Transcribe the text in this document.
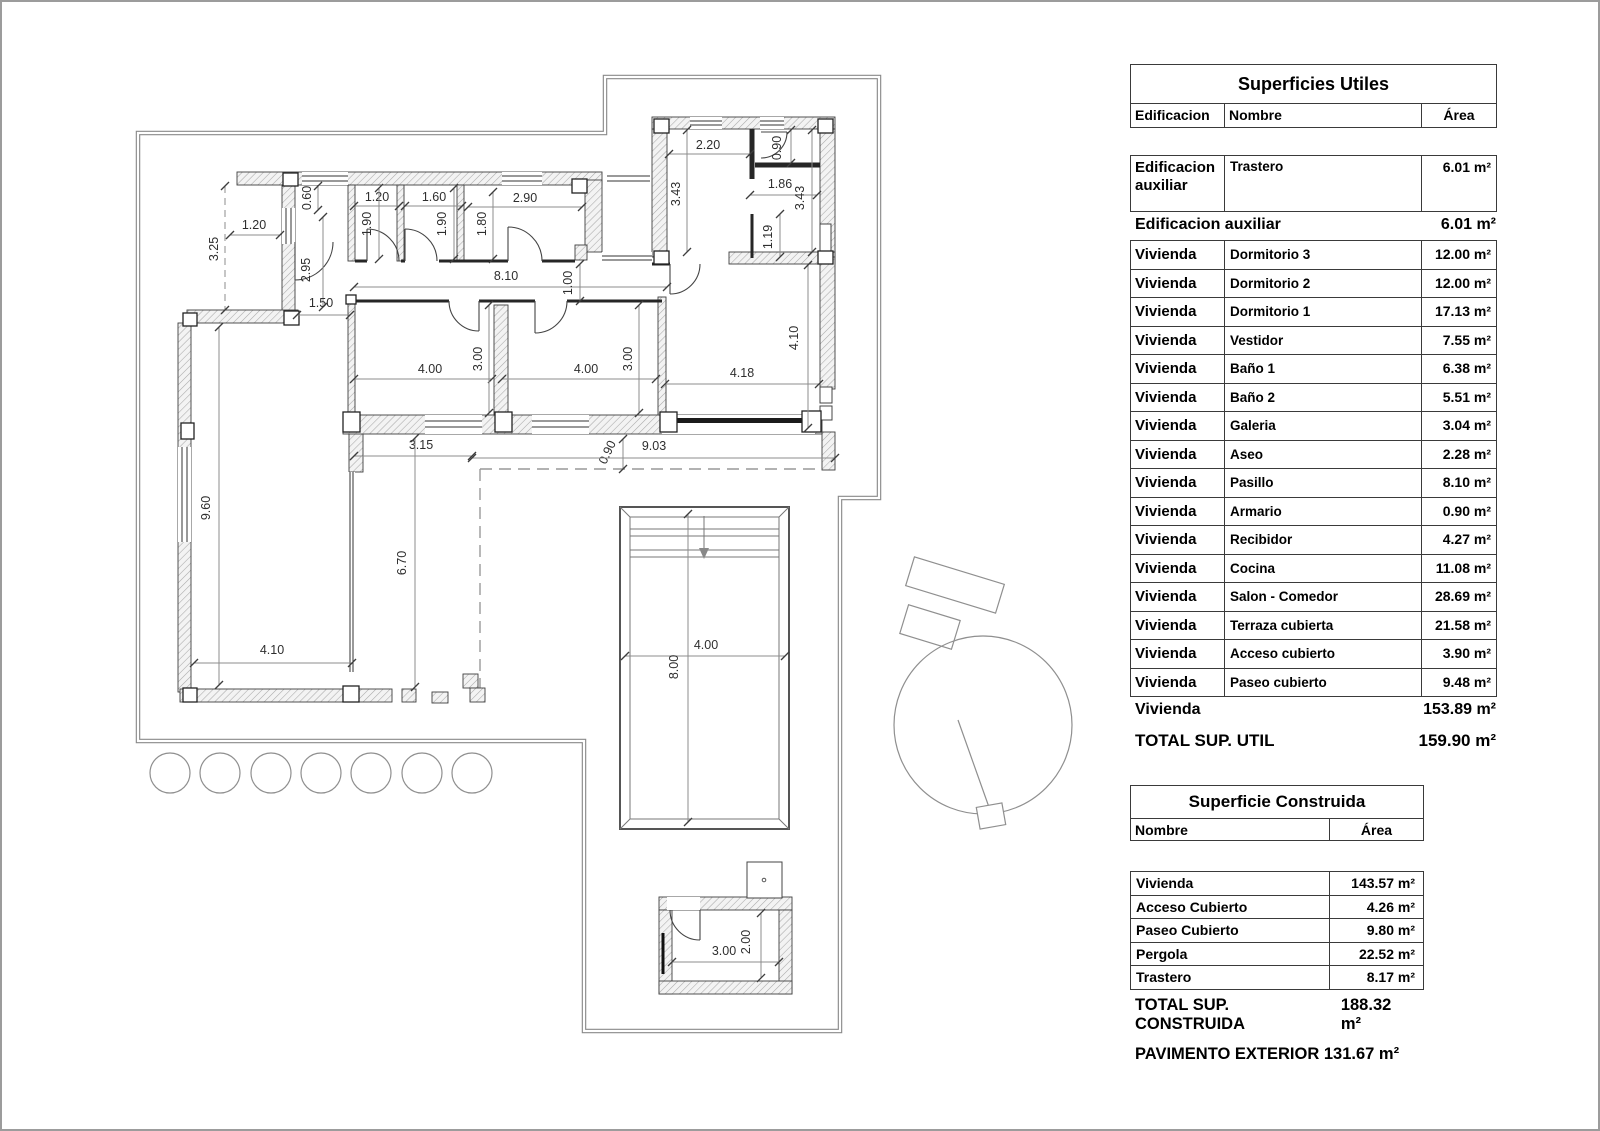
0.60	1.20
1.90
1.60
1.90
2.90
1.80
1.20
3.25
2.95
1.50
8.10	1.00
2.20	0.90
3.43	1.86
3.43
1.19
4.10
4.00 3.00	4.00 3.00
4.18
3.15	0.90 9.03
9.60
6.70
4.10	4.00
8.00
3.00 2.00
Superficies Utiles
Edificacion	Nombre	Área
Edificacion auxiliar
Trastero	6.01 m²
Edificacion auxiliar	6.01 m²
Vivienda	Dormitorio 3	12.00 m²
Vivienda	Dormitorio 2	12.00 m²
Vivienda	Dormitorio 1	17.13 m²
Vivienda	Vestidor	7.55 m²
Vivienda	Baño 1	6.38 m²
Vivienda	Baño 2	5.51 m²
Vivienda	Galeria	3.04 m²
Vivienda	Aseo	2.28 m²
Vivienda	Pasillo	8.10 m²
Vivienda	Armario	0.90 m²
Vivienda	Recibidor	4.27 m²
Vivienda	Cocina	11.08 m²
Vivienda	Salon - Comedor	28.69 m²
Vivienda	Terraza cubierta	21.58 m²
Vivienda	Acceso cubierto	3.90 m²
Vivienda	Paseo cubierto	9.48 m²
Vivienda	153.89 m²
TOTAL SUP. UTIL	159.90 m²
Superficie Construida
Nombre	Área
Vivienda	143.57 m²
Acceso Cubierto	4.26 m²
Paseo Cubierto	9.80 m²
Pergola	22.52 m²
Trastero	8.17 m²
TOTAL SUP. CONSTRUIDA
188.32 m²
PAVIMENTO EXTERIOR 131.67 m²
